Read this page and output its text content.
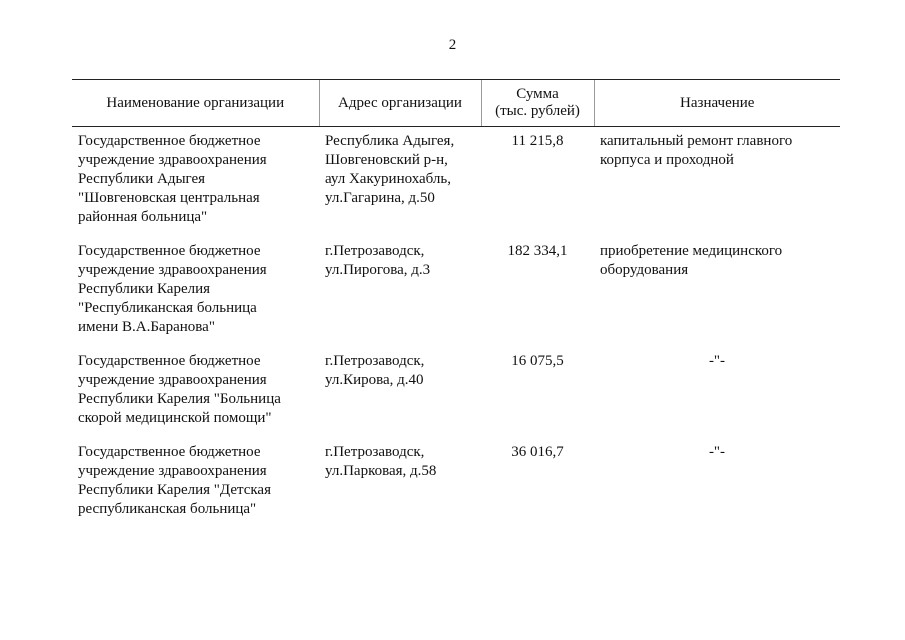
2
Наименование организации	Адрес организации	Сумма
(тыс. рублей)	Назначение
Государственное бюджетное
учреждение здравоохранения
Республики Адыгея
"Шовгеновская центральная
районная больница"	Республика Адыгея,
Шовгеновский р-н,
аул Хакуринохабль,
ул.Гагарина, д.50	11 215,8	капитальный ремонт главного
корпуса и проходной
Государственное бюджетное
учреждение здравоохранения
Республики Карелия
"Республиканская больница
имени В.А.Баранова"	г.Петрозаводск,
ул.Пирогова, д.3	182 334,1	приобретение медицинского
оборудования
Государственное бюджетное
учреждение здравоохранения
Республики Карелия "Больница
скорой медицинской помощи"	г.Петрозаводск,
ул.Кирова, д.40	16 075,5	-"-
Государственное бюджетное
учреждение здравоохранения
Республики Карелия "Детская
республиканская больница"	г.Петрозаводск,
ул.Парковая, д.58	36 016,7	-"-
